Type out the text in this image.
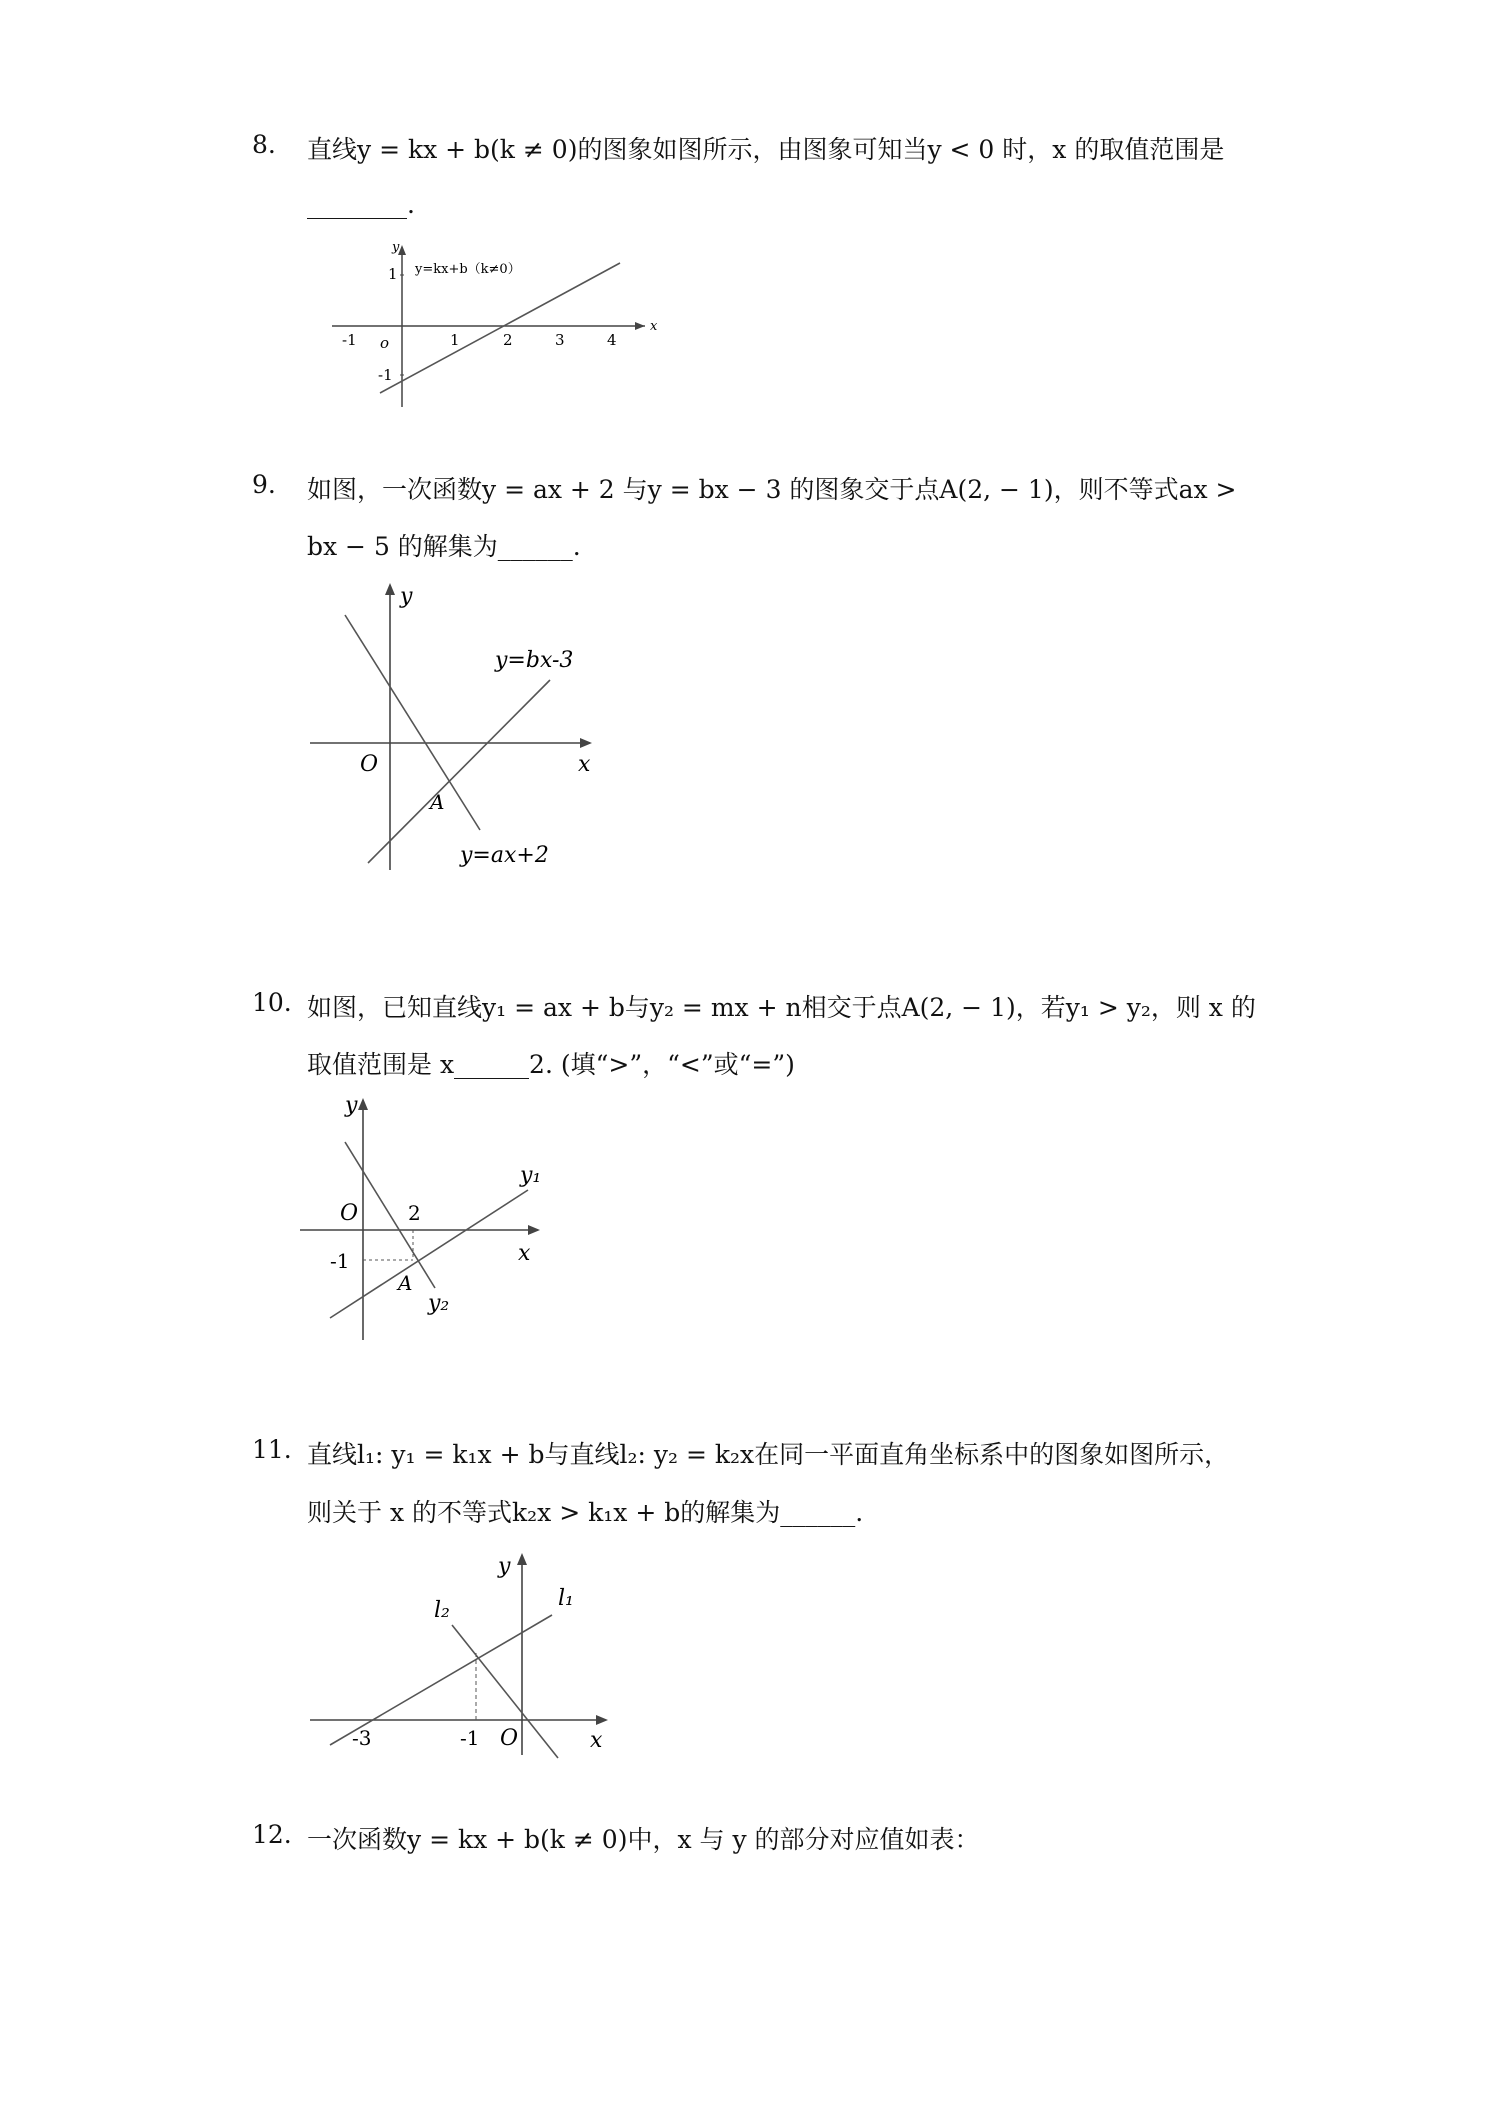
8. 直线y = kx + b(k ≠ 0)的图象如图所示，由图象可知当y < 0 时，x 的取值范围是
________.
y=kx+b（k≠0）
x
y
o
-1	1	2	3	4
1
-1
9. 如图，一次函数y = ax + 2 与y = bx − 3 的图象交于点A(2, − 1)，则不等式ax >
bx − 5 的解集为______.
y=bx-3
y=ax+2
x
y
O
A
10. 如图，已知直线y₁ = ax + b与y₂ = mx + n相交于点A(2, − 1)，若y₁ > y₂，则 x 的
取值范围是 x______2. (填“>”，“<”或“=”)
y₁
y₂
x
y
O 2
-1
A
11. 直线l₁: y₁ = k₁x + b与直线l₂: y₂ = k₂x在同一平面直角坐标系中的图象如图所示，
则关于 x 的不等式k₂x > k₁x + b的解集为______.
l₁
l₂
x
y
O
-3	-1
12. 一次函数y = kx + b(k ≠ 0)中，x 与 y 的部分对应值如表：
